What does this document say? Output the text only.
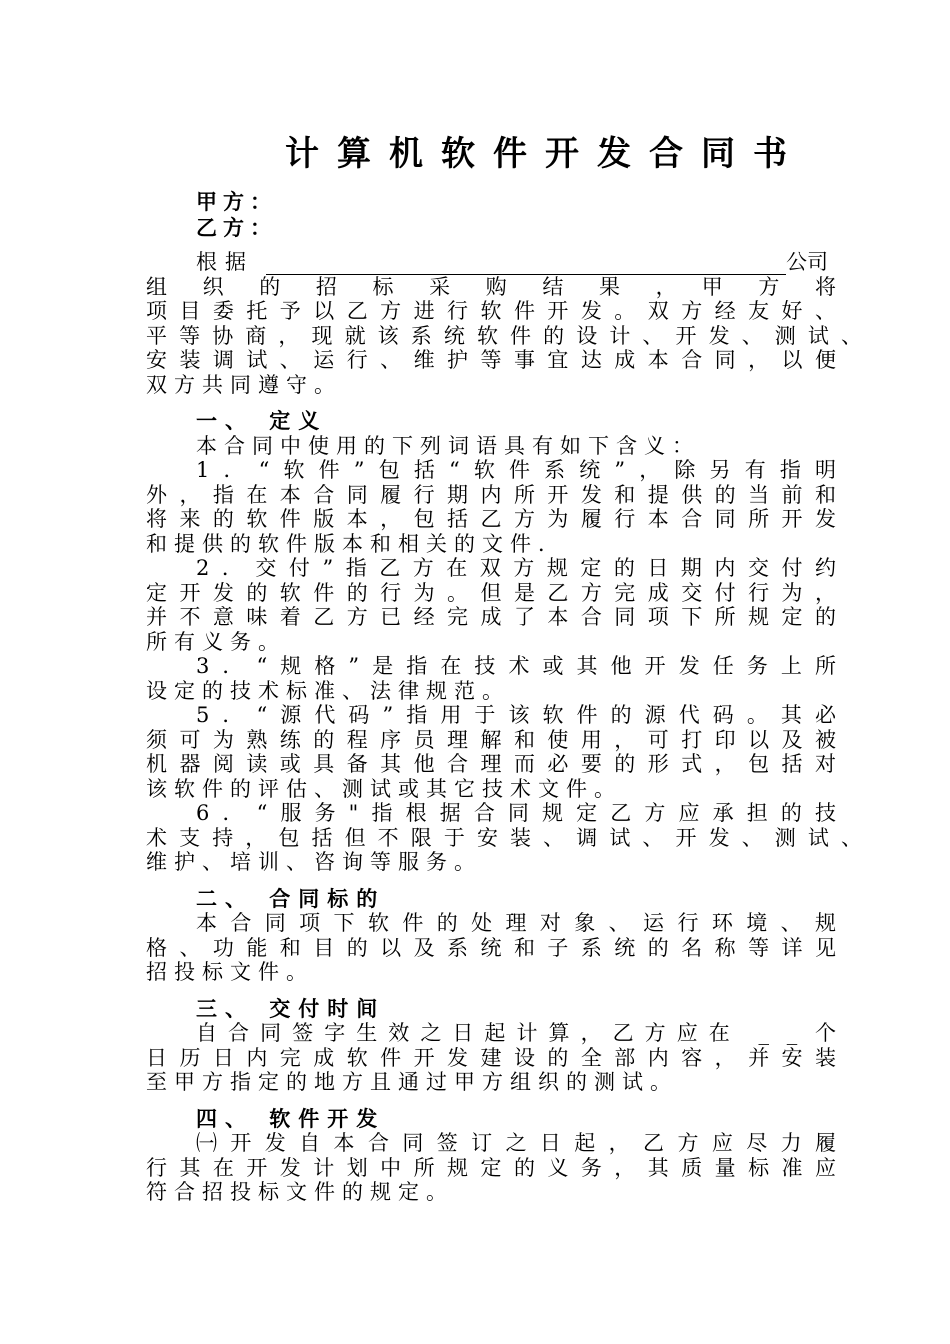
计算机软件开发合同书
甲方：
乙方：
根据	公司
组　织　的　招　标　采　购　结　果　，　甲　方　将
项目委托予以乙方进行软件开发。双方经友好、
平等协商，现就该系统软件的设计、开发、测试、
安装调试、运行、维护等事宜达成本合同，以便
双方共同遵守。
一、 定义
本合同中使用的下列词语具有如下含义：
1．“软件”包括“软件系统”，除另有指明
外，指在本合同履行期内所开发和提供的当前和
将来的软件版本，包括乙方为履行本合同所开发
和提供的软件版本和相关的文件．
2．交付”指乙方在双方规定的日期内交付约
定开发的软件的行为。但是乙方完成交付行为，
并不意味着乙方已经完成了本合同项下所规定的
所有义务。
3．“规格”是指在技术或其他开发任务上所
设定的技术标准、法律规范。
5．“源代码”指用于该软件的源代码。其必
须可为熟练的程序员理解和使用，可打印以及被
机器阅读或具备其他合理而必要的形式，包括对
该软件的评估、测试或其它技术文件。
6．“服务"指根据合同规定乙方应承担的技
术支持，包括但不限于安装、调试、开发、测试、
维护、培训、咨询等服务。
二、 合同标的
本合同项下软件的处理对象、运行环境、规
格、功能和目的以及系统和子系统的名称等详见
招投标文件。
三、 交付时间
自合同签字生效之日起计算，乙方应在 _ _ 个
日历日内完成软件开发建设的全部内容，并安装
至甲方指定的地方且通过甲方组织的测试。
四、 软件开发
㈠开发自本合同签订之日起，乙方应尽力履
行其在开发计划中所规定的义务，其质量标准应
符合招投标文件的规定。
